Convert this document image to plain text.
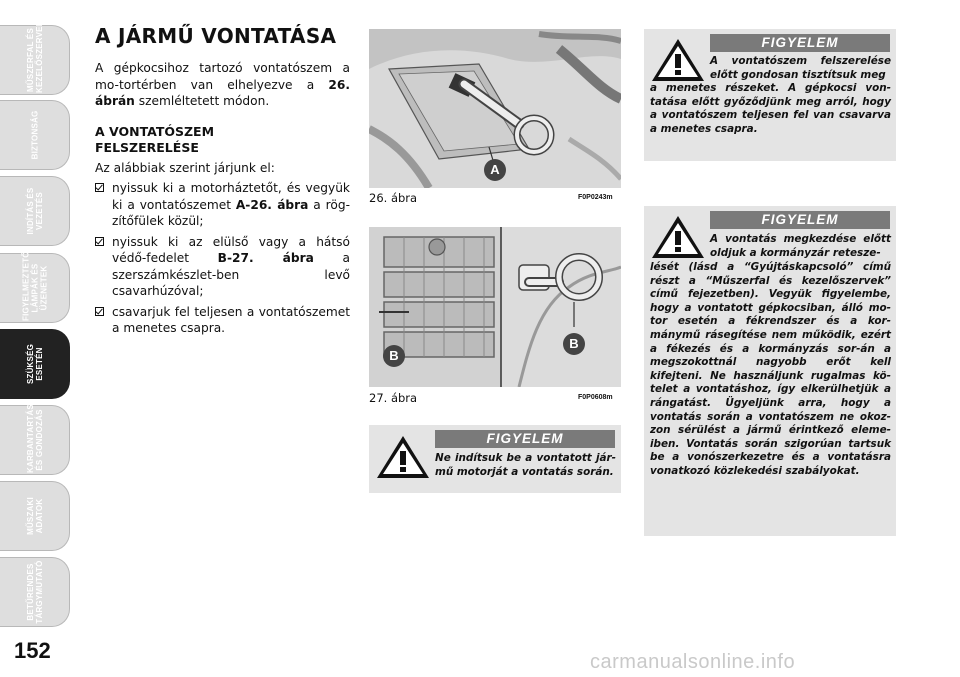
MŰSZERFAL ÉS
KEZELŐSZERVEK
BIZTONSÁG
INDÍTÁS ÉS
VEZETÉS
FIGYELMEZTETŐ
LÁMPÁK ÉS
ÜZENETEK
SZÜKSÉG
ESETÉN
KARBANTARTÁS
ÉS GONDOZÁS
MŰSZAKI
ADATOK
BETŰRENDES
TÁRGYMUTATÓ
152
A JÁRMŰ VONTATÁSA

A gépkocsihoz tartozó vontatószem a mo-tortérben van elhelyezve a 26. ábrán szemléltetett módon.

A VONTATÓSZEM FELSZERELÉSE
Az alábbiak szerint járjunk el:
nyissuk ki a motorháztetőt, és vegyük ki a vontatószemet A-26. ábra a rög-zítőfülek közül;
nyissuk ki az elülső vagy a hátsó védő-fedelet B-27. ábra a szerszámkészlet-ben levő csavarhúzóval;
csavarjuk fel teljesen a vontatószemet a menetes csapra.
A
26. ábra	F0P0243m
B
B
27. ábra	F0P0608m
FIGYELEM
A vontatószem felszerelése előtt gondosan tisztítsuk meg
a menetes részeket. A gépkocsi von-tatása előtt győződjünk meg arról, hogy a vontatószem teljesen fel van csavarva a menetes csapra.
FIGYELEM
A vontatás megkezdése előtt oldjuk a kormányzár retesze-
lését (lásd a “Gyújtáskapcsoló” című részt a “Műszerfal és kezelőszervek” című fejezetben). Vegyük figyelembe, hogy a vontatott gépkocsiban, álló mo-tor esetén a fékrendszer és a kor-mánymű rásegítése nem működik, ezért a fékezés és a kormányzás sor-án a megszokottnál nagyobb erőt kell kifejteni. Ne használjunk rugalmas kö-telet a vontatáshoz, így elkerülhetjük a rángatást. Ügyeljünk arra, hogy a vontatás során a vontatószem ne okoz-zon sérülést a jármű érintkező eleme-iben. Vontatás során szigorúan tartsuk be a vonószerkezetre és a vontatásra vonatkozó közlekedési szabályokat.
FIGYELEM
Ne indítsuk be a vontatott jár-mű motorját a vontatás során.
carmanualsonline.info
